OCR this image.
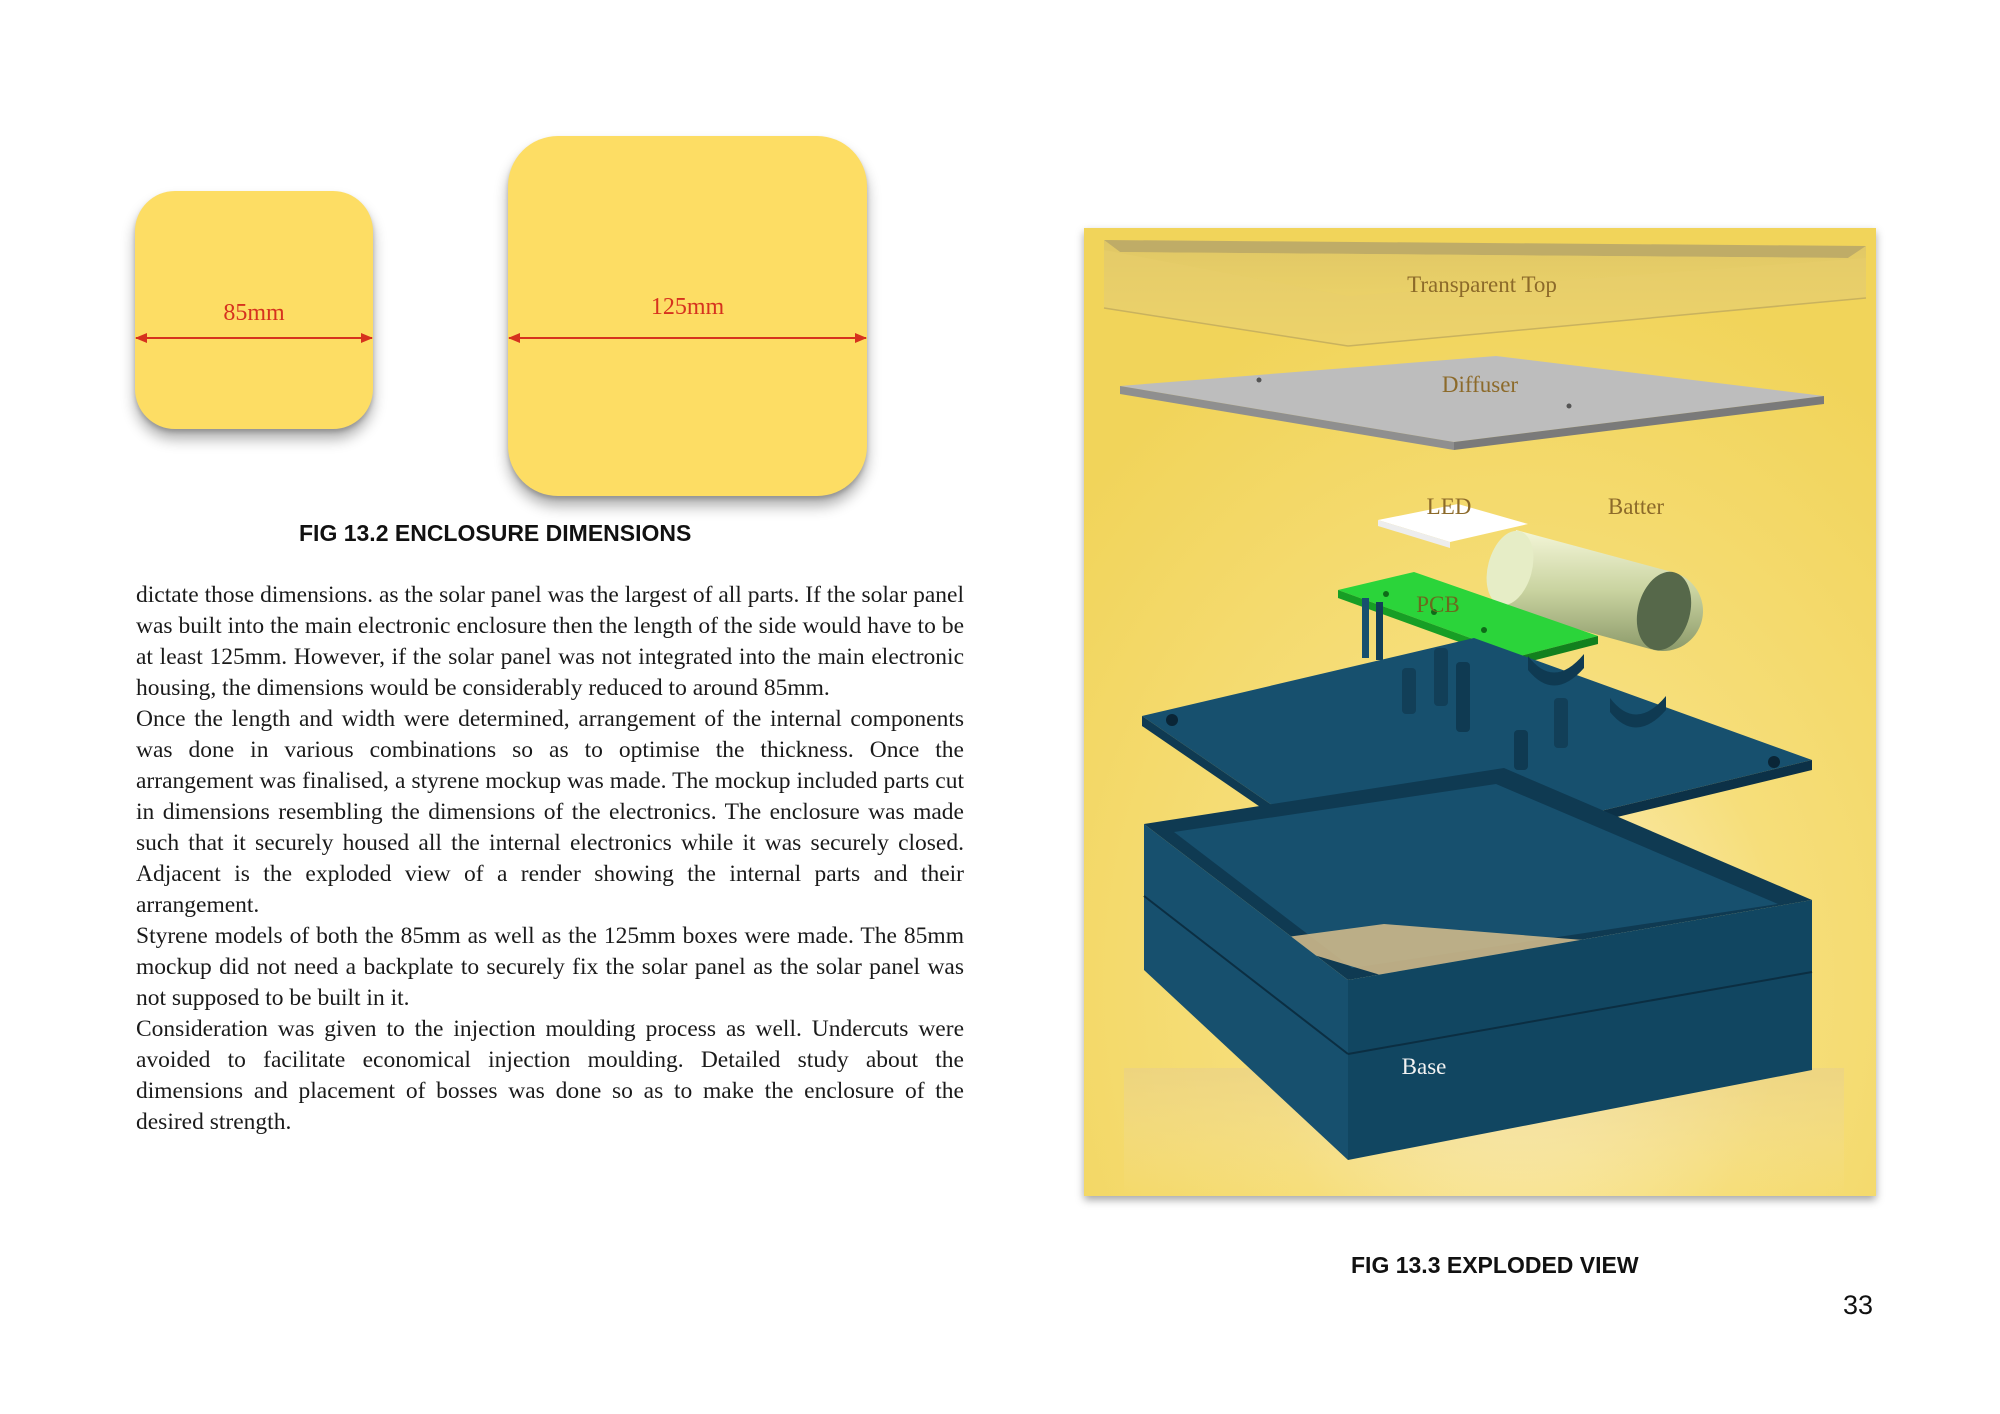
85mm	125mm
FIG 13.2 ENCLOSURE DIMENSIONS

dictate those dimensions. as the solar panel was the largest of all parts. If the solar panel was built into the main electronic enclosure then the length of the side would have to be at least 125mm. However, if the solar panel was not integrated into the main electronic housing, the dimensions would be considerably reduced to around 85mm.

Once the length and width were determined, arrangement of the internal components was done in various combinations so as to optimise the thickness. Once the arrangement was finalised, a styrene mockup was made. The mockup included parts cut in dimensions resembling the dimensions of the electronics. The enclosure was made such that it securely housed all the internal electronics while it was securely closed. Adjacent is the exploded view of a render showing the internal parts and their arrangement.

Styrene models of both the 85mm as well as the 125mm boxes were made. The 85mm mockup did not need a backplate to securely fix the solar panel as the solar panel was not supposed to be built in it.

Consideration was given to the injection moulding process as well. Undercuts were avoided to facilitate economical injection moulding. Detailed study about the dimensions and placement of bosses was done so as to make the enclosure of the desired strength.

Transparent Top
Diffuser
LED	Batter
PCB
Base
FIG 13.3 EXPLODED VIEW
33
